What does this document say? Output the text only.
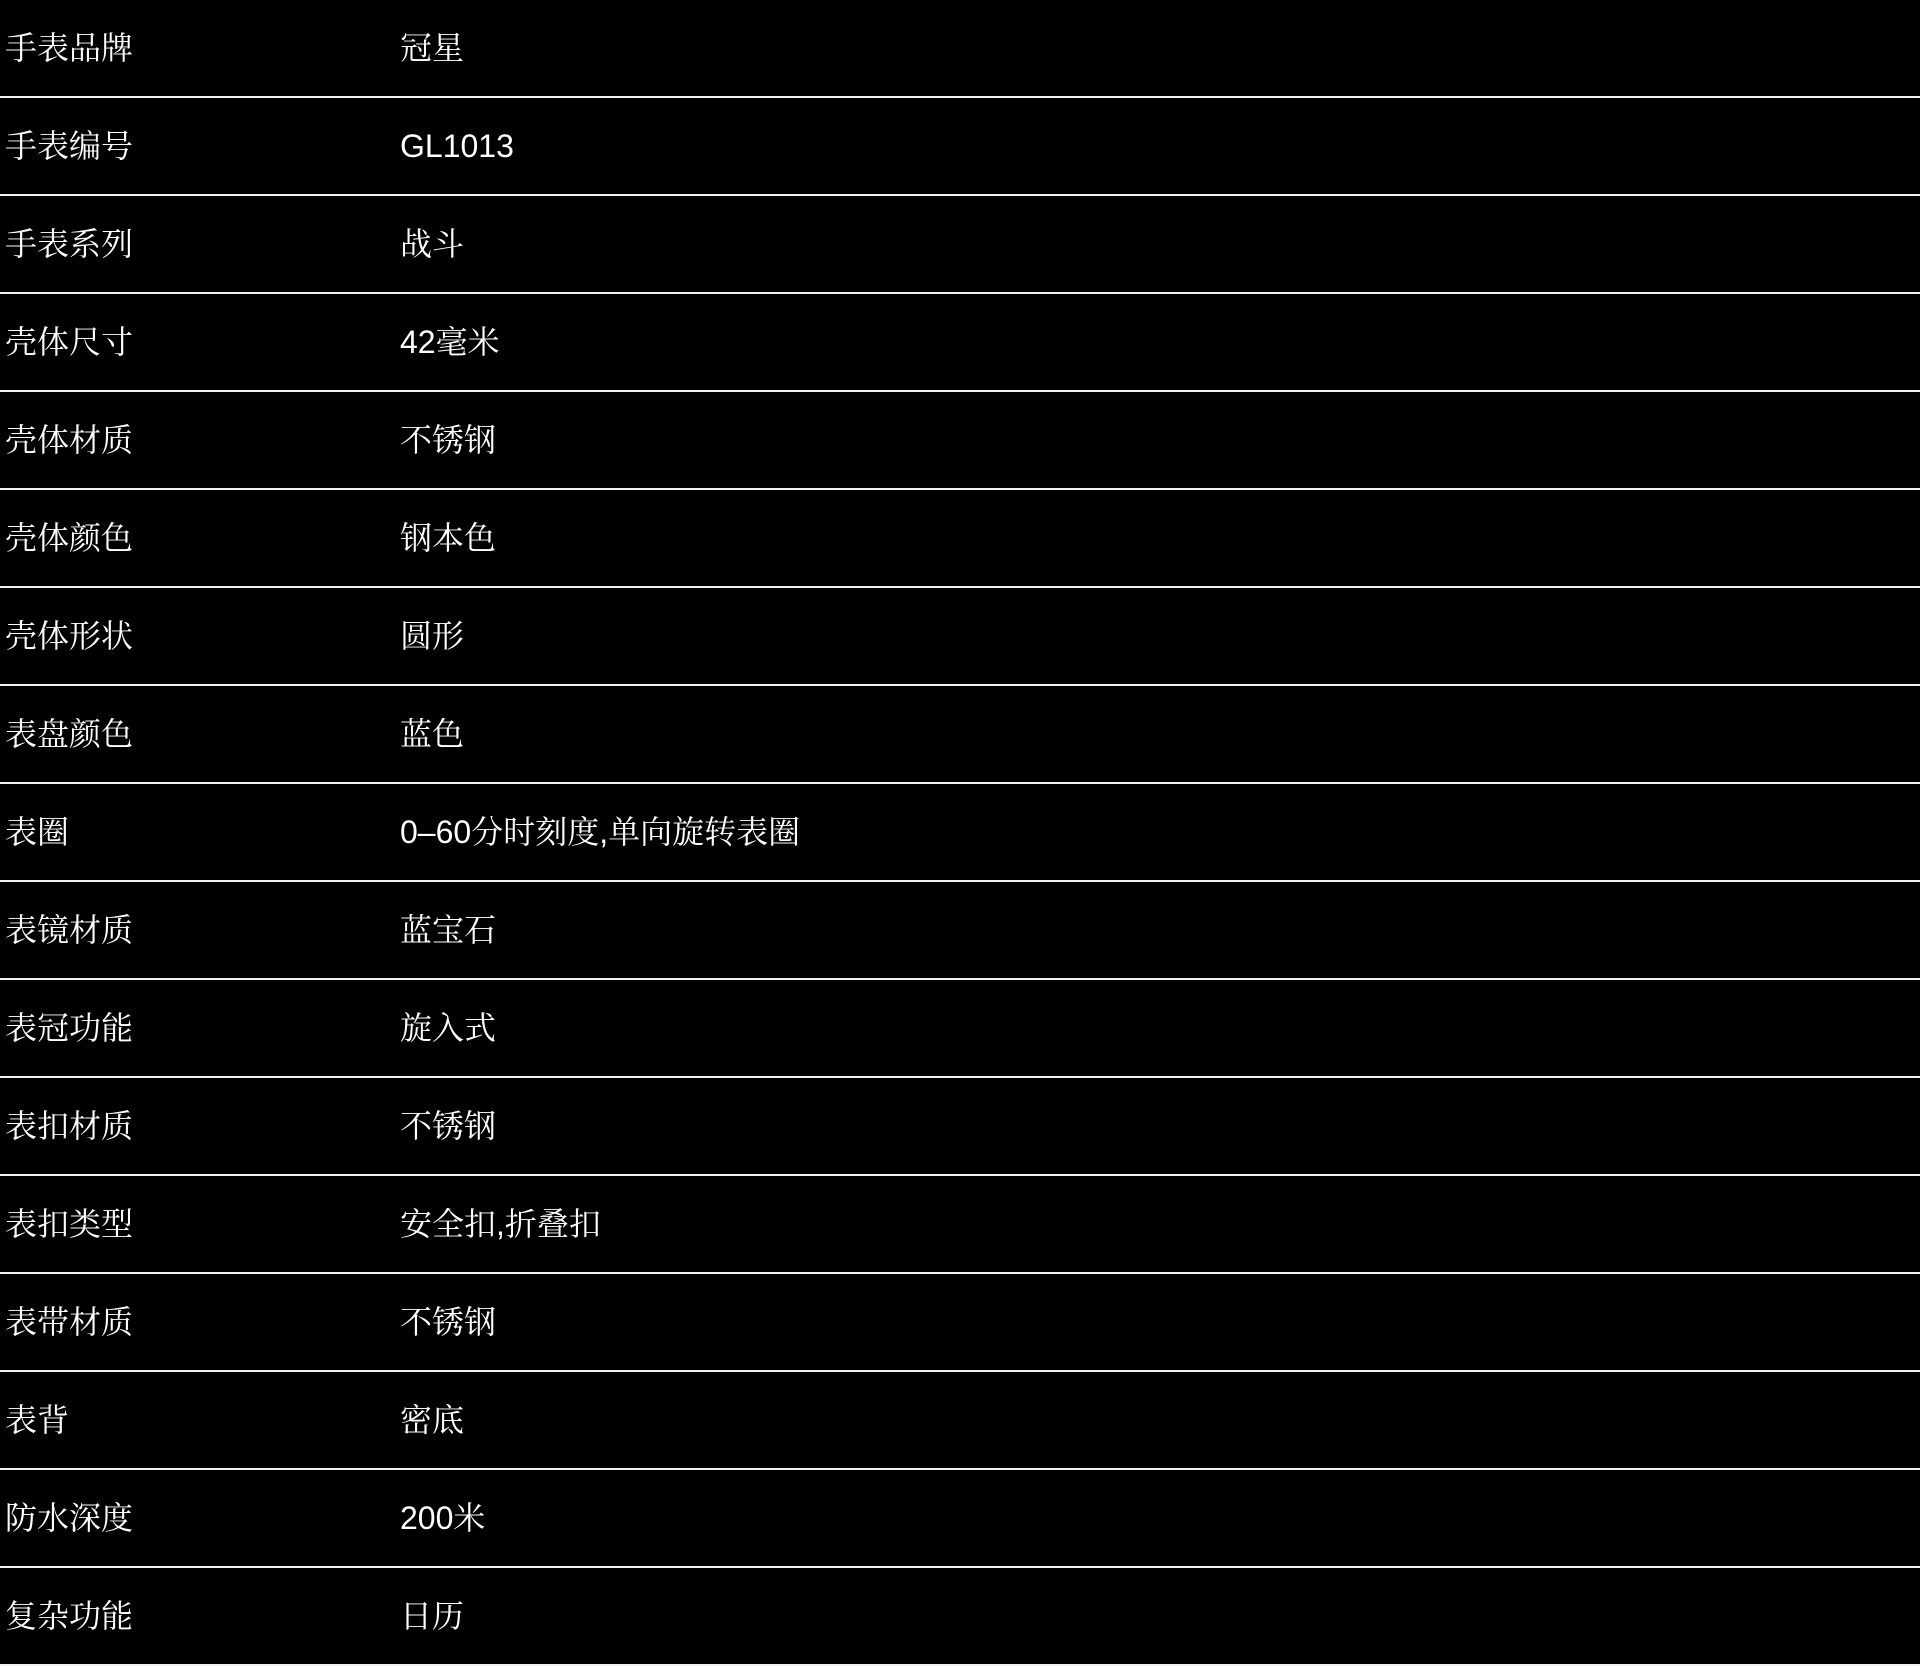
手表品牌	冠星
手表编号	GL1013
手表系列	战斗
壳体尺寸	42毫米
壳体材质	不锈钢
壳体颜色	钢本色
壳体形状	圆形
表盘颜色	蓝色
表圈	0–60分时刻度,单向旋转表圈
表镜材质	蓝宝石
表冠功能	旋入式
表扣材质	不锈钢
表扣类型	安全扣,折叠扣
表带材质	不锈钢
表背	密底
防水深度	200米
复杂功能	日历
